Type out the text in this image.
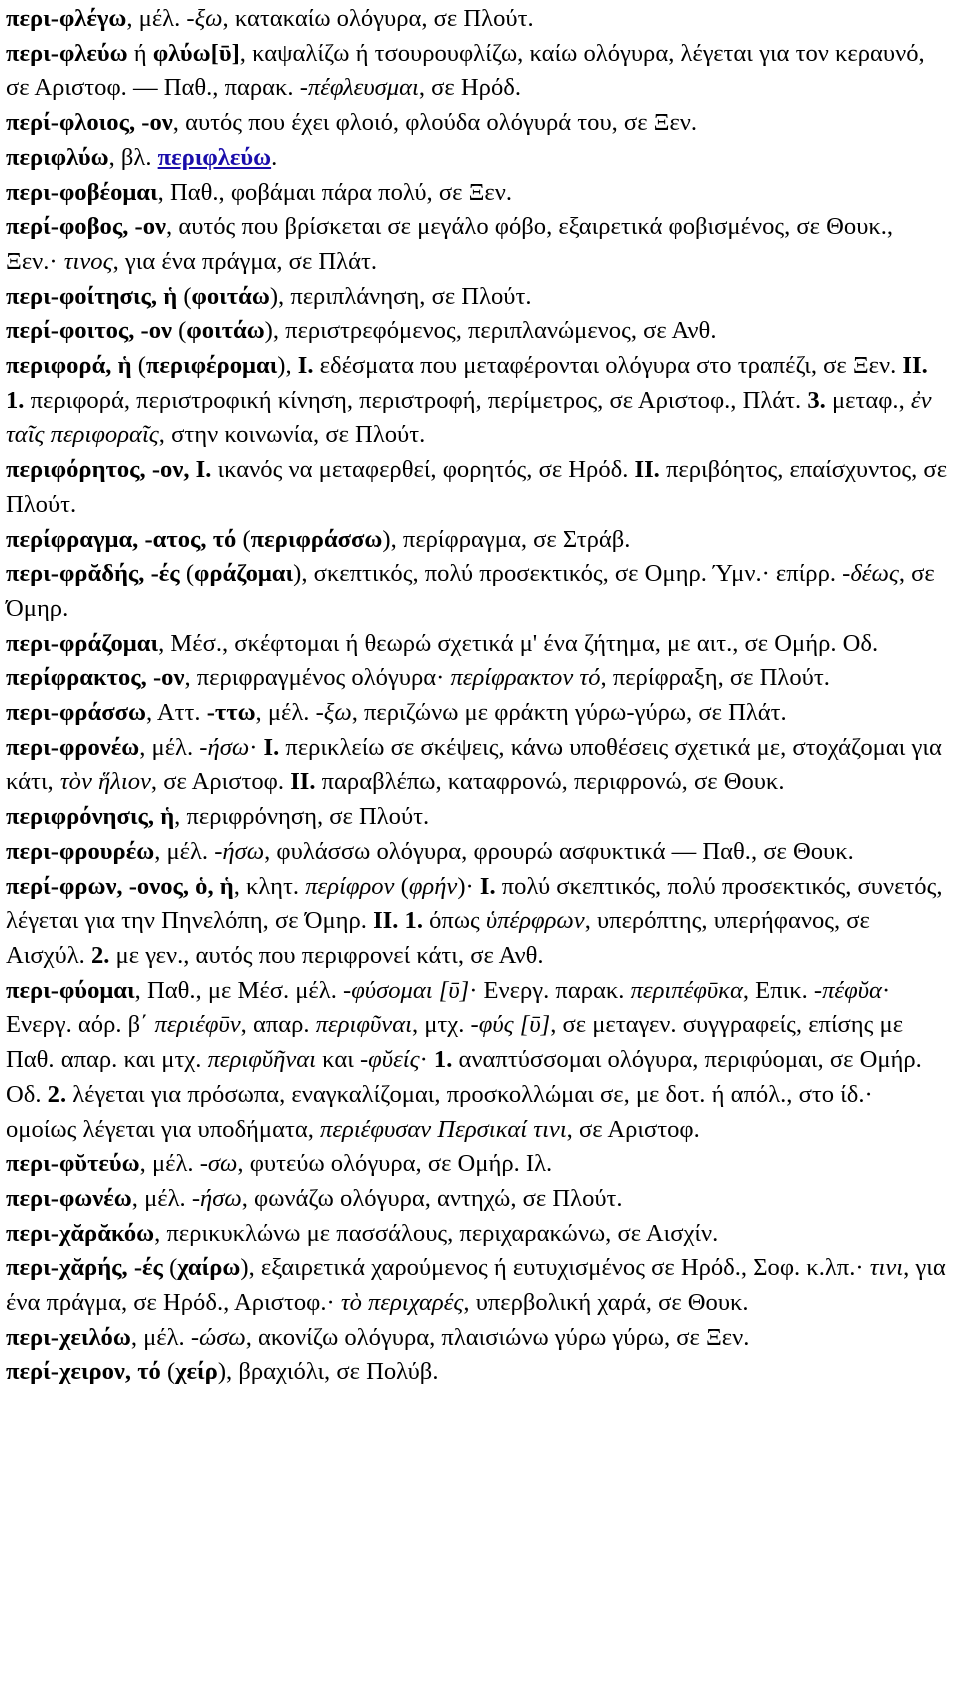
περι-φλέγω, μέλ. -ξω, κατακαίω ολόγυρα, σε Πλούτ.

περι-φλεύω ή φλύω[ῡ], καψαλίζω ή τσουρουφλίζω, καίω ολόγυρα, λέγεται για τον κεραυνό, σε Αριστοφ. — Παθ., παρακ. -πέφλευσμαι, σε Ηρόδ.

περί-φλοιος, -ον, αυτός που έχει φλοιό, φλούδα ολόγυρά του, σε Ξεν.

περιφλύω, βλ. περιφλεύω.

περι-φοβέομαι, Παθ., φοβάμαι πάρα πολύ, σε Ξεν.

περί-φοβος, -ον, αυτός που βρίσκεται σε μεγάλο φόβο, εξαιρετικά φοβισμένος, σε Θουκ., Ξεν.· τινος, για ένα πράγμα, σε Πλάτ.

περι-φοίτησις, ἡ (φοιτάω), περιπλάνηση, σε Πλούτ.

περί-φοιτος, -ον (φοιτάω), περιστρεφόμενος, περιπλανώμενος, σε Ανθ.

περιφορά, ἡ (περιφέρομαι), I. εδέσματα που μεταφέρονται ολόγυρα στο τραπέζι, σε Ξεν. II. 1. περιφορά, περιστροφική κίνηση, περιστροφή, περίμετρος, σε Αριστοφ., Πλάτ. 3. μεταφ., ἐν ταῖς περιφοραῖς, στην κοινωνία, σε Πλούτ.

περιφόρητος, -ον, I. ικανός να μεταφερθεί, φορητός, σε Ηρόδ. II. περιβόητος, επαίσχυντος, σε Πλούτ.

περίφραγμα, -ατος, τό (περιφράσσω), περίφραγμα, σε Στράβ.

περι-φρᾰδής, -ές (φράζομαι), σκεπτικός, πολύ προσεκτικός, σε Ομηρ. Ύμν.· επίρρ. -δέως, σε Όμηρ.

περι-φράζομαι, Μέσ., σκέφτομαι ή θεωρώ σχετικά μ' ένα ζήτημα, με αιτ., σε Ομήρ. Οδ.

περίφρακτος, -ον, περιφραγμένος ολόγυρα· περίφρακτον τό, περίφραξη, σε Πλούτ.

περι-φράσσω, Αττ. -ττω, μέλ. -ξω, περιζώνω με φράκτη γύρω-γύρω, σε Πλάτ.

περι-φρονέω, μέλ. -ήσω· I. περικλείω σε σκέψεις, κάνω υποθέσεις σχετικά με, στοχάζομαι για κάτι, τὸν ἥλιον, σε Αριστοφ. II. παραβλέπω, καταφρονώ, περιφρονώ, σε Θουκ.

περιφρόνησις, ἡ, περιφρόνηση, σε Πλούτ.

περι-φρουρέω, μέλ. -ήσω, φυλάσσω ολόγυρα, φρουρώ ασφυκτικά — Παθ., σε Θουκ.

περί-φρων, -ονος, ὁ, ἡ, κλητ. περίφρον (φρήν)· I. πολύ σκεπτικός, πολύ προσεκτικός, συνετός, λέγεται για την Πηνελόπη, σε Όμηρ. II. 1. όπως ὑπέρφρων, υπερόπτης, υπερήφανος, σε Αισχύλ. 2. με γεν., αυτός που περιφρονεί κάτι, σε Ανθ.

περι-φύομαι, Παθ., με Μέσ. μέλ. -φύσομαι [ῡ]· Ενεργ. παρακ. περιπέφῡκα, Επικ. -πέφῠα· Ενεργ. αόρ. β΄ περιέφῡν, απαρ. περιφῦναι, μτχ. -φύς [ῡ], σε μεταγεν. συγγραφείς, επίσης με Παθ. απαρ. και μτχ. περιφῠῆναι και -φῠείς· 1. αναπτύσσομαι ολόγυρα, περιφύομαι, σε Ομήρ. Οδ. 2. λέγεται για πρόσωπα, εναγκαλίζομαι, προσκολλώμαι σε, με δοτ. ή απόλ., στο ίδ.· ομοίως λέγεται για υποδήματα, περιέφυσαν Περσικαί τινι, σε Αριστοφ.

περι-φῠτεύω, μέλ. -σω, φυτεύω ολόγυρα, σε Ομήρ. Ιλ.

περι-φωνέω, μέλ. -ήσω, φωνάζω ολόγυρα, αντηχώ, σε Πλούτ.

περι-χᾰρᾰκόω, περικυκλώνω με πασσάλους, περιχαρακώνω, σε Αισχίν.

περι-χᾰρής, -ές (χαίρω), εξαιρετικά χαρούμενος ή ευτυχισμένος σε Ηρόδ., Σοφ. κ.λπ.· τινι, για ένα πράγμα, σε Ηρόδ., Αριστοφ.· τὸ περιχαρές, υπερβολική χαρά, σε Θουκ.

περι-χειλόω, μέλ. -ώσω, ακονίζω ολόγυρα, πλαισιώνω γύρω γύρω, σε Ξεν.

περί-χειρον, τό (χείρ), βραχιόλι, σε Πολύβ.
